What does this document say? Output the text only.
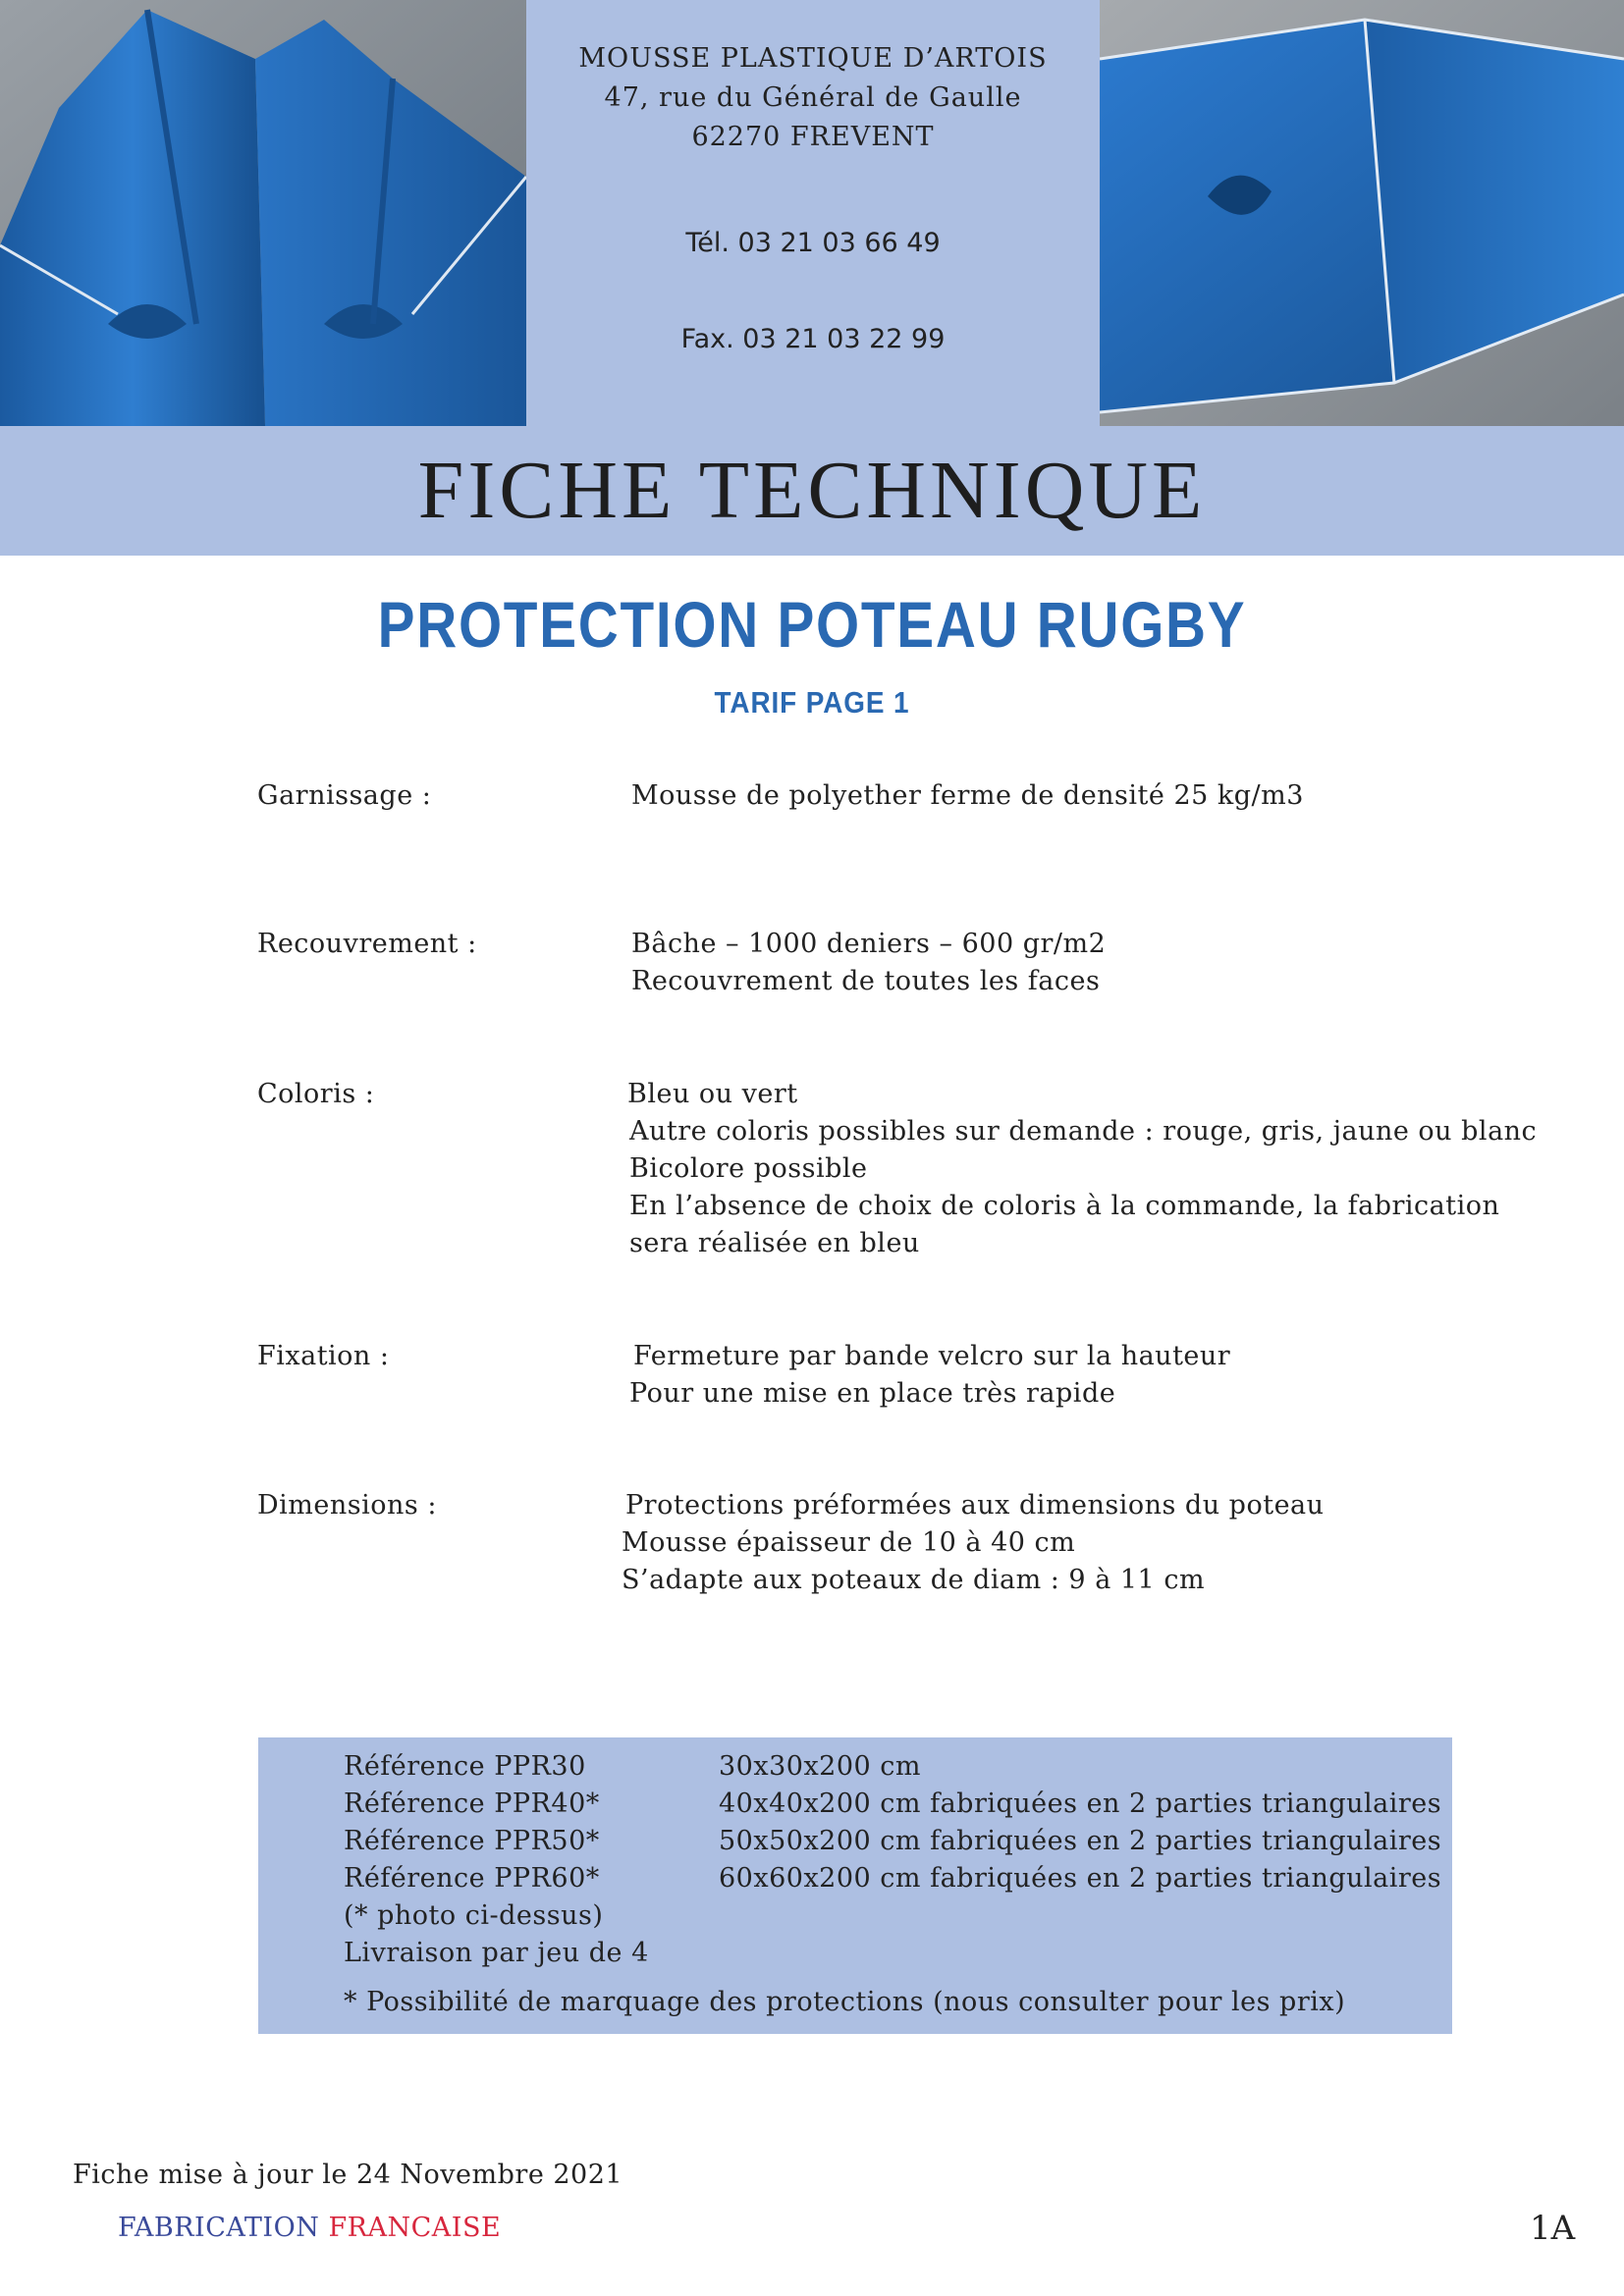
MOUSSE PLASTIQUE D’ARTOIS
47, rue du Général de Gaulle
62270 FREVENT
Tél. 03 21 03 66 49
Fax. 03 21 03 22 99
FICHE TECHNIQUE
PROTECTION POTEAU RUGBY
TARIF PAGE 1
Garnissage :	Mousse de polyether ferme de densité 25 kg/m3
Recouvrement :	Bâche – 1000 deniers – 600 gr/m2
Recouvrement de toutes les faces
Coloris :	Bleu ou vert
Autre coloris possibles sur demande : rouge, gris, jaune ou blanc
Bicolore possible
En l’absence de choix de coloris à la commande, la fabrication
sera réalisée en bleu
Fixation :	Fermeture par bande velcro sur la hauteur
Pour une mise en place très rapide
Dimensions :	Protections préformées aux dimensions du poteau
Mousse épaisseur de 10 à 40 cm
S’adapte aux poteaux de diam : 9 à 11 cm
Référence PPR30	30x30x200 cm
Référence PPR40*	40x40x200 cm fabriquées en 2 parties triangulaires
Référence PPR50*	50x50x200 cm fabriquées en 2 parties triangulaires
Référence PPR60*	60x60x200 cm fabriquées en 2 parties triangulaires
(* photo ci-dessus)
Livraison par jeu de 4
* Possibilité de marquage des protections (nous consulter pour les prix)
Fiche mise à jour le 24 Novembre 2021
FABRICATION FRANCAISE	1A
